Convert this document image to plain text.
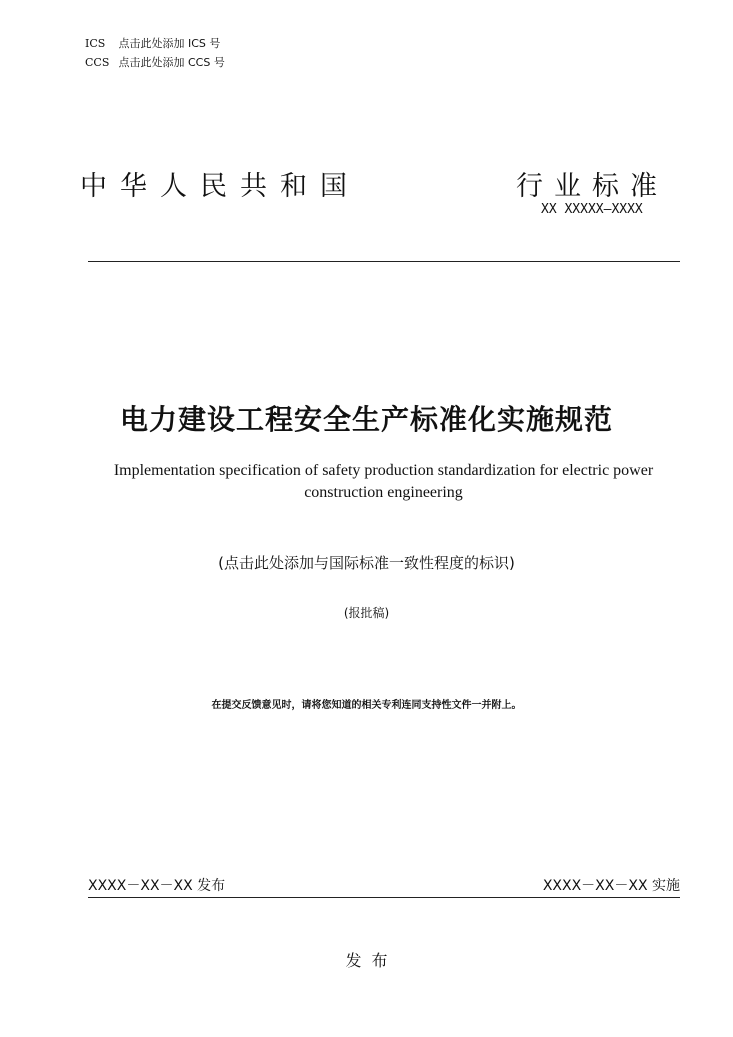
ICS 点击此处添加 ICS 号
CCS 点击此处添加 CCS 号
中华人民共和国	行业标准
XX XXXXX—XXXX
电力建设工程安全生产标准化实施规范
Implementation specification of safety production standardization for electric power construction engineering
(点击此处添加与国际标准一致性程度的标识)
(报批稿)
在提交反馈意见时，请将您知道的相关专利连同支持性文件一并附上。
XXXX－XX－XX 发布	XXXX－XX－XX 实施
发布
